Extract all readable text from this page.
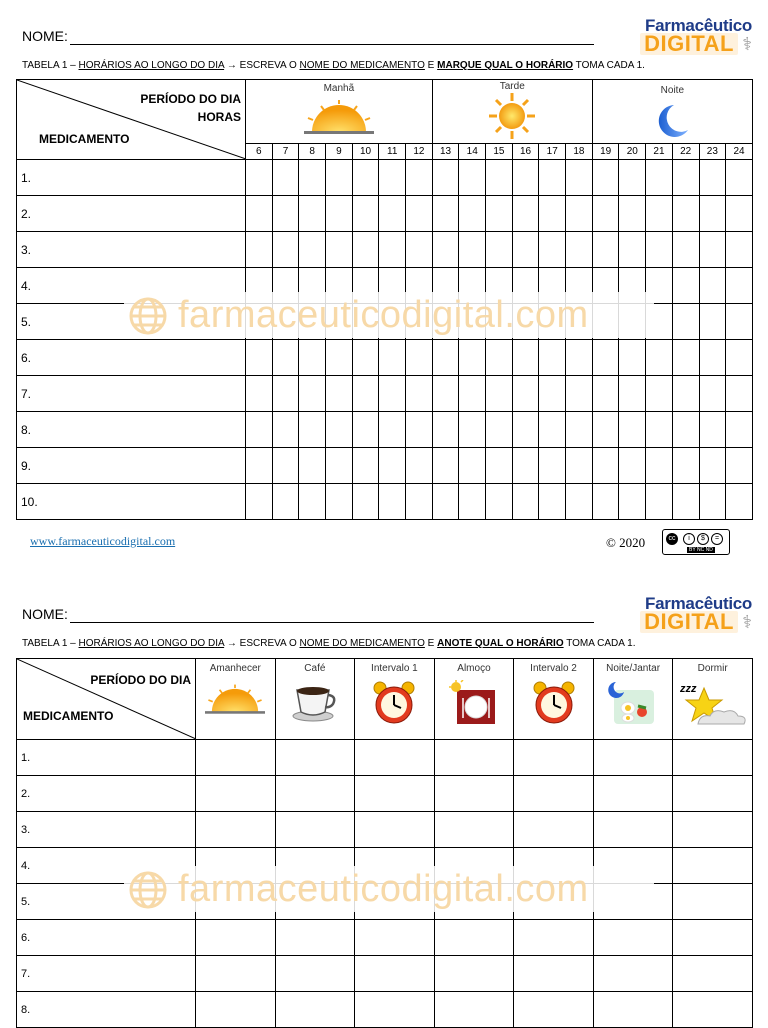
NOME:
Farmacêutico
DIGITAL ⚕
TABELA 1 – HORÁRIOS AO LONGO DO DIA → ESCREVA O NOME DO MEDICAMENTO E MARQUE QUAL O HORÁRIO TOMA CADA 1.
PERÍODO DO DIA
HORAS
MEDICAMENTO	Manhã							Tarde						Noite					

	6	7	8	9	10	11	12	13	14	15	16	17	18	19	20	21	22	23	24
1.																			
2.																			
3.																			
4.																			
5.																			
6.																			
7.																			
8.																			
9.																			
10.																			
www.farmaceuticodigital.com	© 2020	cc	i	$	=
BY NC ND
farmaceuticodigital.com
NOME:
Farmacêutico
DIGITAL ⚕
TABELA 1 – HORÁRIOS AO LONGO DO DIA → ESCREVA O NOME DO MEDICAMENTO E ANOTE QUAL O HORÁRIO TOMA CADA 1.
PERÍODO DO DIA
MEDICAMENTO	Amanhecer	Café	Intervalo 1	Almoço	Intervalo 2	Noite/Jantar	Dormir
zzz

1.							
2.							
3.							
4.							
5.							
6.							
7.							
8.							
farmaceuticodigital.com
